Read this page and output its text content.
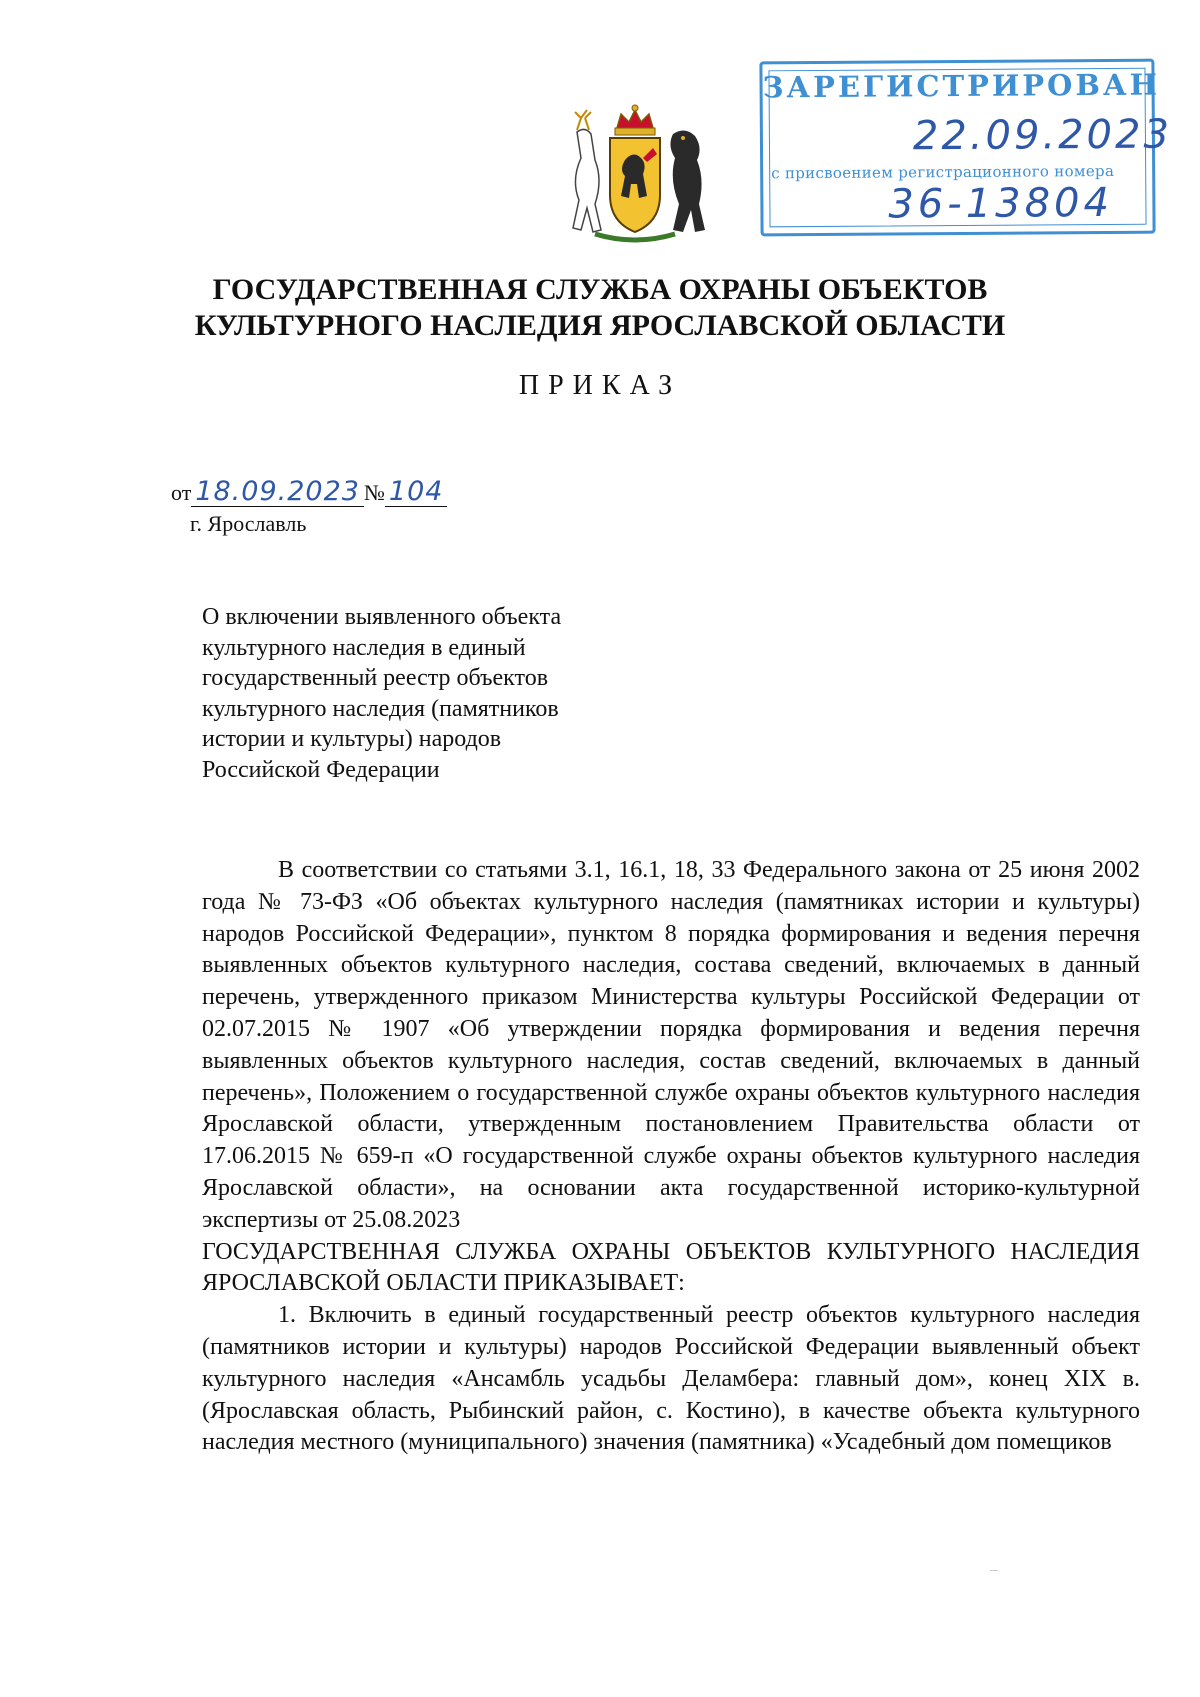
ЗАРЕГИСТРИРОВАН
22.09.2023
с присвоением регистрационного номера
36-13804
ГОСУДАРСТВЕННАЯ СЛУЖБА ОХРАНЫ ОБЪЕКТОВ
КУЛЬТУРНОГО НАСЛЕДИЯ ЯРОСЛАВСКОЙ ОБЛАСТИ
ПРИКАЗ
от 18.09.2023 № 104
г. Ярославль
О включении выявленного объекта
культурного наследия в единый
государственный реестр объектов
культурного наследия (памятников
истории и культуры) народов
Российской Федерации

В соответствии со статьями 3.1, 16.1, 18, 33 Федерального закона от 25 июня 2002 года № 73-ФЗ «Об объектах культурного наследия (памятниках истории и культуры) народов Российской Федерации», пунктом 8 порядка формирования и ведения перечня выявленных объектов культурного наследия, состава сведений, включаемых в данный перечень, утвержденного приказом Министерства культуры Российской Федерации от 02.07.2015 № 1907 «Об утверждении порядка формирования и ведения перечня выявленных объектов культурного наследия, состав сведений, включаемых в данный перечень», Положением о государственной службе охраны объектов культурного наследия Ярославской области, утвержденным постановлением Правительства области от 17.06.2015 № 659-п «О государственной службе охраны объектов культурного наследия Ярославской области», на основании акта государственной историко-культурной экспертизы от 25.08.2023

ГОСУДАРСТВЕННАЯ СЛУЖБА ОХРАНЫ ОБЪЕКТОВ КУЛЬТУРНОГО НАСЛЕДИЯ ЯРОСЛАВСКОЙ ОБЛАСТИ ПРИКАЗЫВАЕТ:

1. Включить в единый государственный реестр объектов культурного наследия (памятников истории и культуры) народов Российской Федерации выявленный объект культурного наследия «Ансамбль усадьбы Деламбера: главный дом», конец XIX в. (Ярославская область, Рыбинский район, с. Костино), в качестве объекта культурного наследия местного (муниципального) значения (памятника) «Усадебный дом помещиков
